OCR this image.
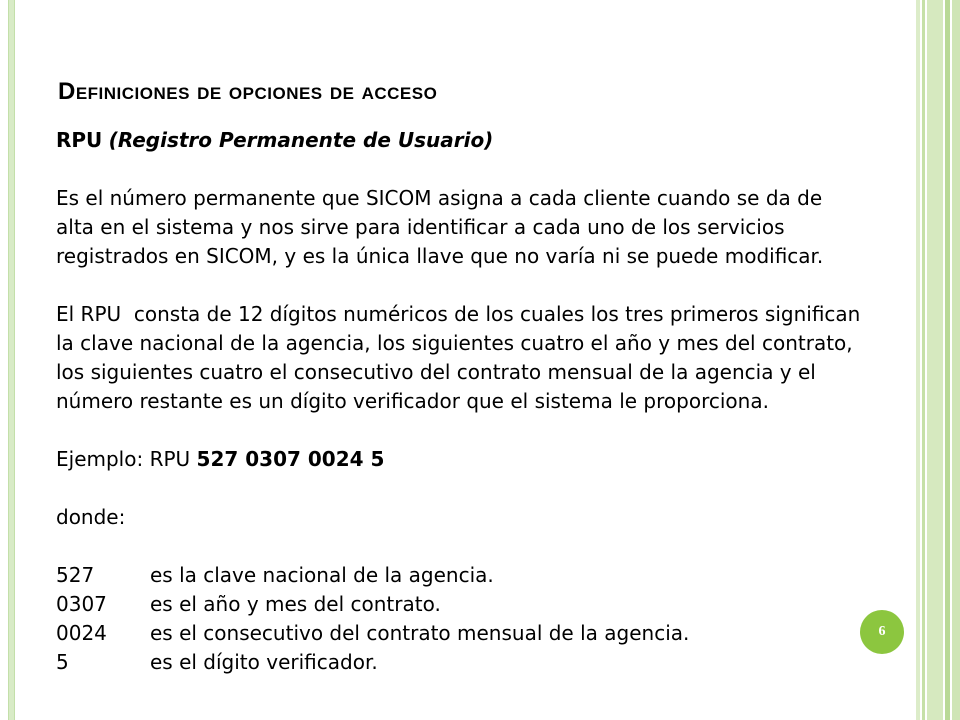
Definiciones de opciones de acceso

RPU (Registro Permanente de Usuario)

Es el número permanente que SICOM asigna a cada cliente cuando se da de

alta en el sistema y nos sirve para identificar a cada uno de los servicios

registrados en SICOM, y es la única llave que no varía ni se puede modificar.

El RPU  consta de 12 dígitos numéricos de los cuales los tres primeros significan

la clave nacional de la agencia, los siguientes cuatro el año y mes del contrato,

los siguientes cuatro el consecutivo del contrato mensual de la agencia y el

número restante es un dígito verificador que el sistema le proporciona.

Ejemplo: RPU 527 0307 0024 5

donde:

527	es la clave nacional de la agencia.
0307	es el año y mes del contrato.
0024	es el consecutivo del contrato mensual de la agencia.
5	es el dígito verificador.
6
